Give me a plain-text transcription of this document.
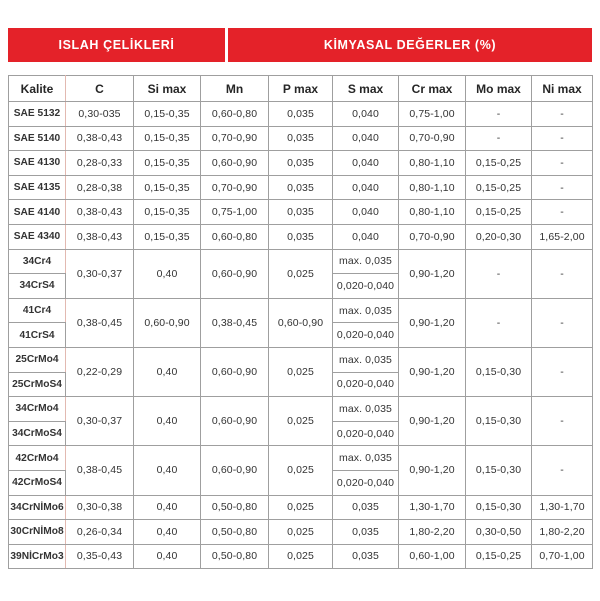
ISLAH ÇELİKLERİ	KİMYASAL DEĞERLER (%)
Kalite	C	Si max	Mn	P max	S max	Cr max	Mo max	Ni max
SAE 5132	0,30-035	0,15-0,35	0,60-0,80	0,035	0,040	0,75-1,00	-	-
SAE 5140	0,38-0,43	0,15-0,35	0,70-0,90	0,035	0,040	0,70-0,90	-	-
SAE 4130	0,28-0,33	0,15-0,35	0,60-0,90	0,035	0,040	0,80-1,10	0,15-0,25	-
SAE 4135	0,28-0,38	0,15-0,35	0,70-0,90	0,035	0,040	0,80-1,10	0,15-0,25	-
SAE 4140	0,38-0,43	0,15-0,35	0,75-1,00	0,035	0,040	0,80-1,10	0,15-0,25	-
SAE 4340	0,38-0,43	0,15-0,35	0,60-0,80	0,035	0,040	0,70-0,90	0,20-0,30	1,65-2,00
34Cr4	0,30-0,37	0,40	0,60-0,90	0,025	max. 0,035	0,90-1,20	-	-
34CrS4					0,020-0,040			
41Cr4	0,38-0,45	0,60-0,90	0,38-0,45	0,60-0,90	max. 0,035	0,90-1,20	-	-
41CrS4					0,020-0,040			
25CrMo4	0,22-0,29	0,40	0,60-0,90	0,025	max. 0,035	0,90-1,20	0,15-0,30	-
25CrMoS4					0,020-0,040			
34CrMo4	0,30-0,37	0,40	0,60-0,90	0,025	max. 0,035	0,90-1,20	0,15-0,30	-
34CrMoS4					0,020-0,040			
42CrMo4	0,38-0,45	0,40	0,60-0,90	0,025	max. 0,035	0,90-1,20	0,15-0,30	-
42CrMoS4					0,020-0,040			
34CrNİMo6	0,30-0,38	0,40	0,50-0,80	0,025	0,035	1,30-1,70	0,15-0,30	1,30-1,70
30CrNİMo8	0,26-0,34	0,40	0,50-0,80	0,025	0,035	1,80-2,20	0,30-0,50	1,80-2,20
39NİCrMo3	0,35-0,43	0,40	0,50-0,80	0,025	0,035	0,60-1,00	0,15-0,25	0,70-1,00
